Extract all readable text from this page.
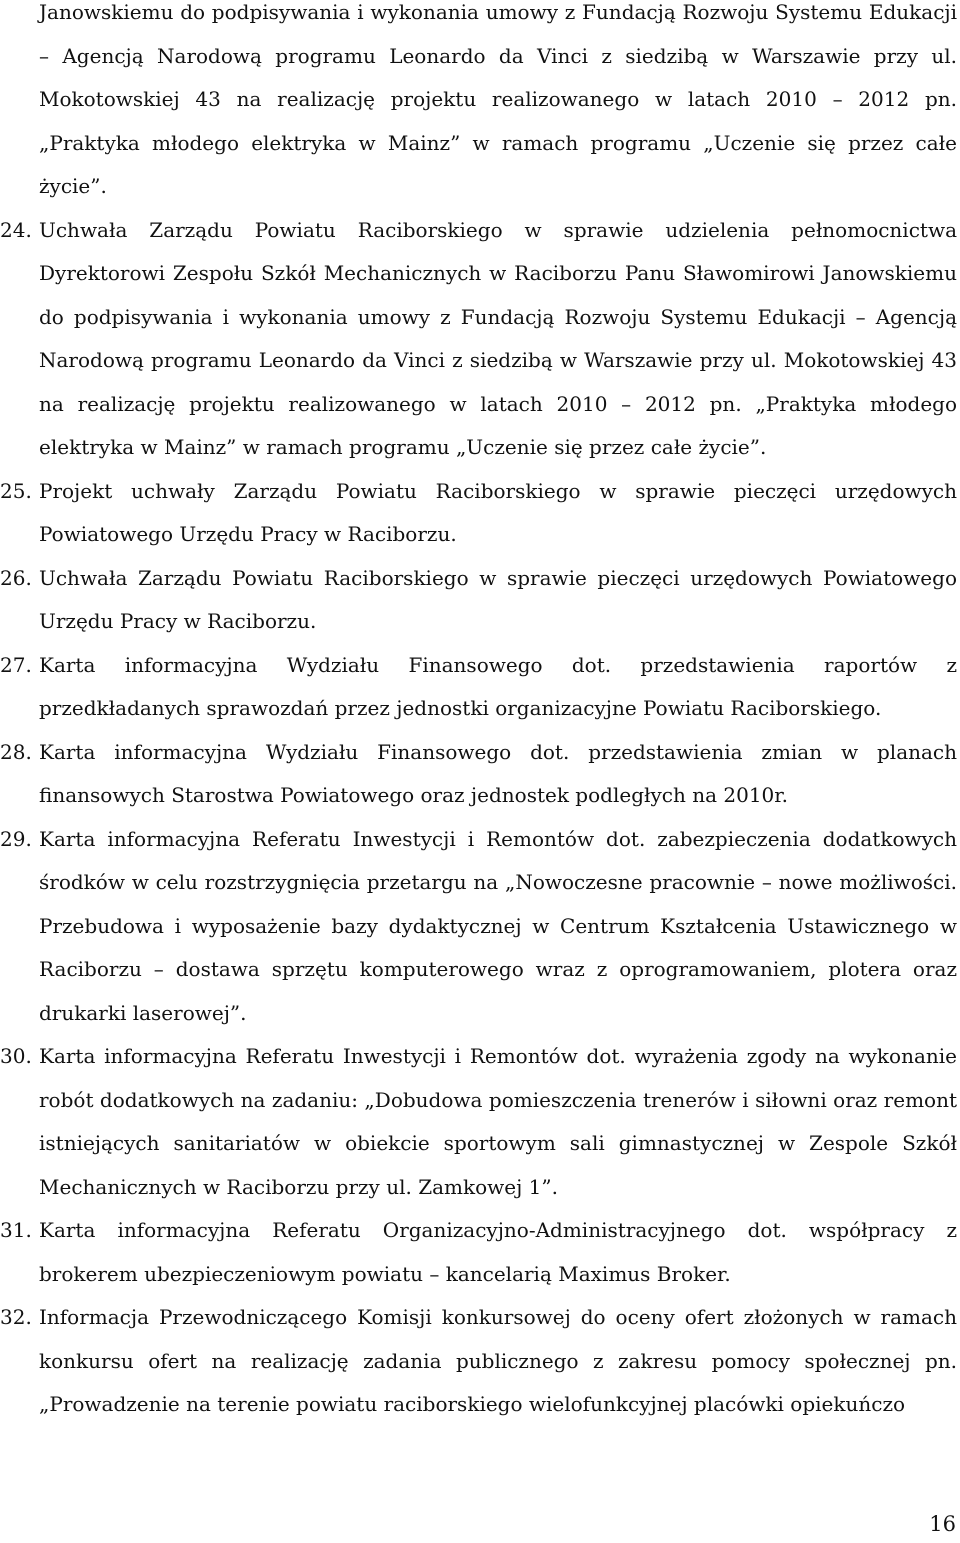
Janowskiemu do podpisywania i wykonania umowy z Fundacją Rozwoju Systemu Edukacji – Agencją Narodową programu Leonardo da Vinci z siedzibą w Warszawie przy ul. Mokotowskiej 43 na realizację projektu realizowanego w latach 2010 – 2012 pn. „Praktyka młodego elektryka w Mainz” w ramach programu „Uczenie się przez całe życie”.
24. Uchwała Zarządu Powiatu Raciborskiego w sprawie udzielenia pełnomocnictwa Dyrektorowi Zespołu Szkół Mechanicznych w Raciborzu Panu Sławomirowi Janowskiemu do podpisywania i wykonania umowy z Fundacją Rozwoju Systemu Edukacji – Agencją Narodową programu Leonardo da Vinci z siedzibą w Warszawie przy ul. Mokotowskiej 43 na realizację projektu realizowanego w latach 2010 – 2012 pn. „Praktyka młodego elektryka w Mainz” w ramach programu „Uczenie się przez całe życie”.
25. Projekt uchwały Zarządu Powiatu Raciborskiego w sprawie pieczęci urzędowych Powiatowego Urzędu Pracy w Raciborzu.
26. Uchwała Zarządu Powiatu Raciborskiego w sprawie pieczęci urzędowych Powiatowego Urzędu Pracy w Raciborzu.
27. Karta informacyjna Wydziału Finansowego dot. przedstawienia raportów z przedkładanych sprawozdań przez jednostki organizacyjne Powiatu Raciborskiego.
28. Karta informacyjna Wydziału Finansowego dot. przedstawienia zmian w planach finansowych Starostwa Powiatowego oraz jednostek podległych na 2010r.
29. Karta informacyjna Referatu Inwestycji i Remontów dot. zabezpieczenia dodatkowych środków w celu rozstrzygnięcia przetargu na „Nowoczesne pracownie – nowe możliwości. Przebudowa i wyposażenie bazy dydaktycznej w Centrum Kształcenia Ustawicznego w Raciborzu – dostawa sprzętu komputerowego wraz z oprogramowaniem, plotera oraz drukarki laserowej”.
30. Karta informacyjna Referatu Inwestycji i Remontów dot. wyrażenia zgody na wykonanie robót dodatkowych na zadaniu: „Dobudowa pomieszczenia trenerów i siłowni oraz remont istniejących sanitariatów w obiekcie sportowym sali gimnastycznej w Zespole Szkół Mechanicznych w Raciborzu przy ul. Zamkowej 1”.
31. Karta informacyjna Referatu Organizacyjno-Administracyjnego dot. współpracy z brokerem ubezpieczeniowym powiatu – kancelarią Maximus Broker.
32. Informacja Przewodniczącego Komisji konkursowej do oceny ofert złożonych w ramach konkursu ofert na realizację zadania publicznego z zakresu pomocy społecznej pn. „Prowadzenie na terenie powiatu raciborskiego wielofunkcyjnej placówki opiekuńczo
16
